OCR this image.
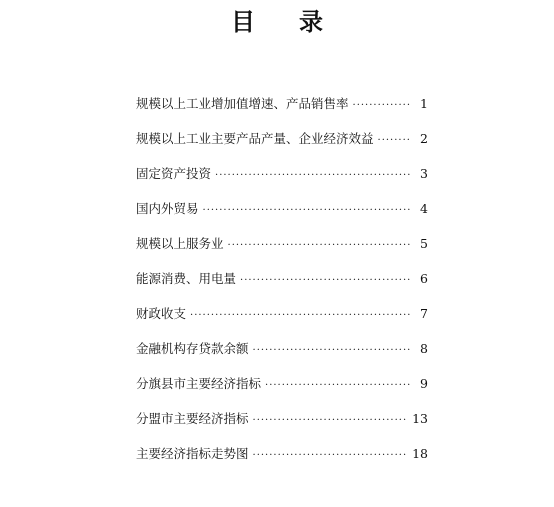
目 录
规模以上工业增加值增速、产品销售率 ·····	1
规模以上工业主要产品产量、企业经济效益 ·····	2
固定资产投资 ·····	3
国内外贸易 ·····	4
规模以上服务业 ·····	5
能源消费、用电量 ·····	6
财政收支 ·····	7
金融机构存贷款余额 ·····	8
分旗县市主要经济指标 ·····	9
分盟市主要经济指标 ·····	13
主要经济指标走势图 ·····	18
